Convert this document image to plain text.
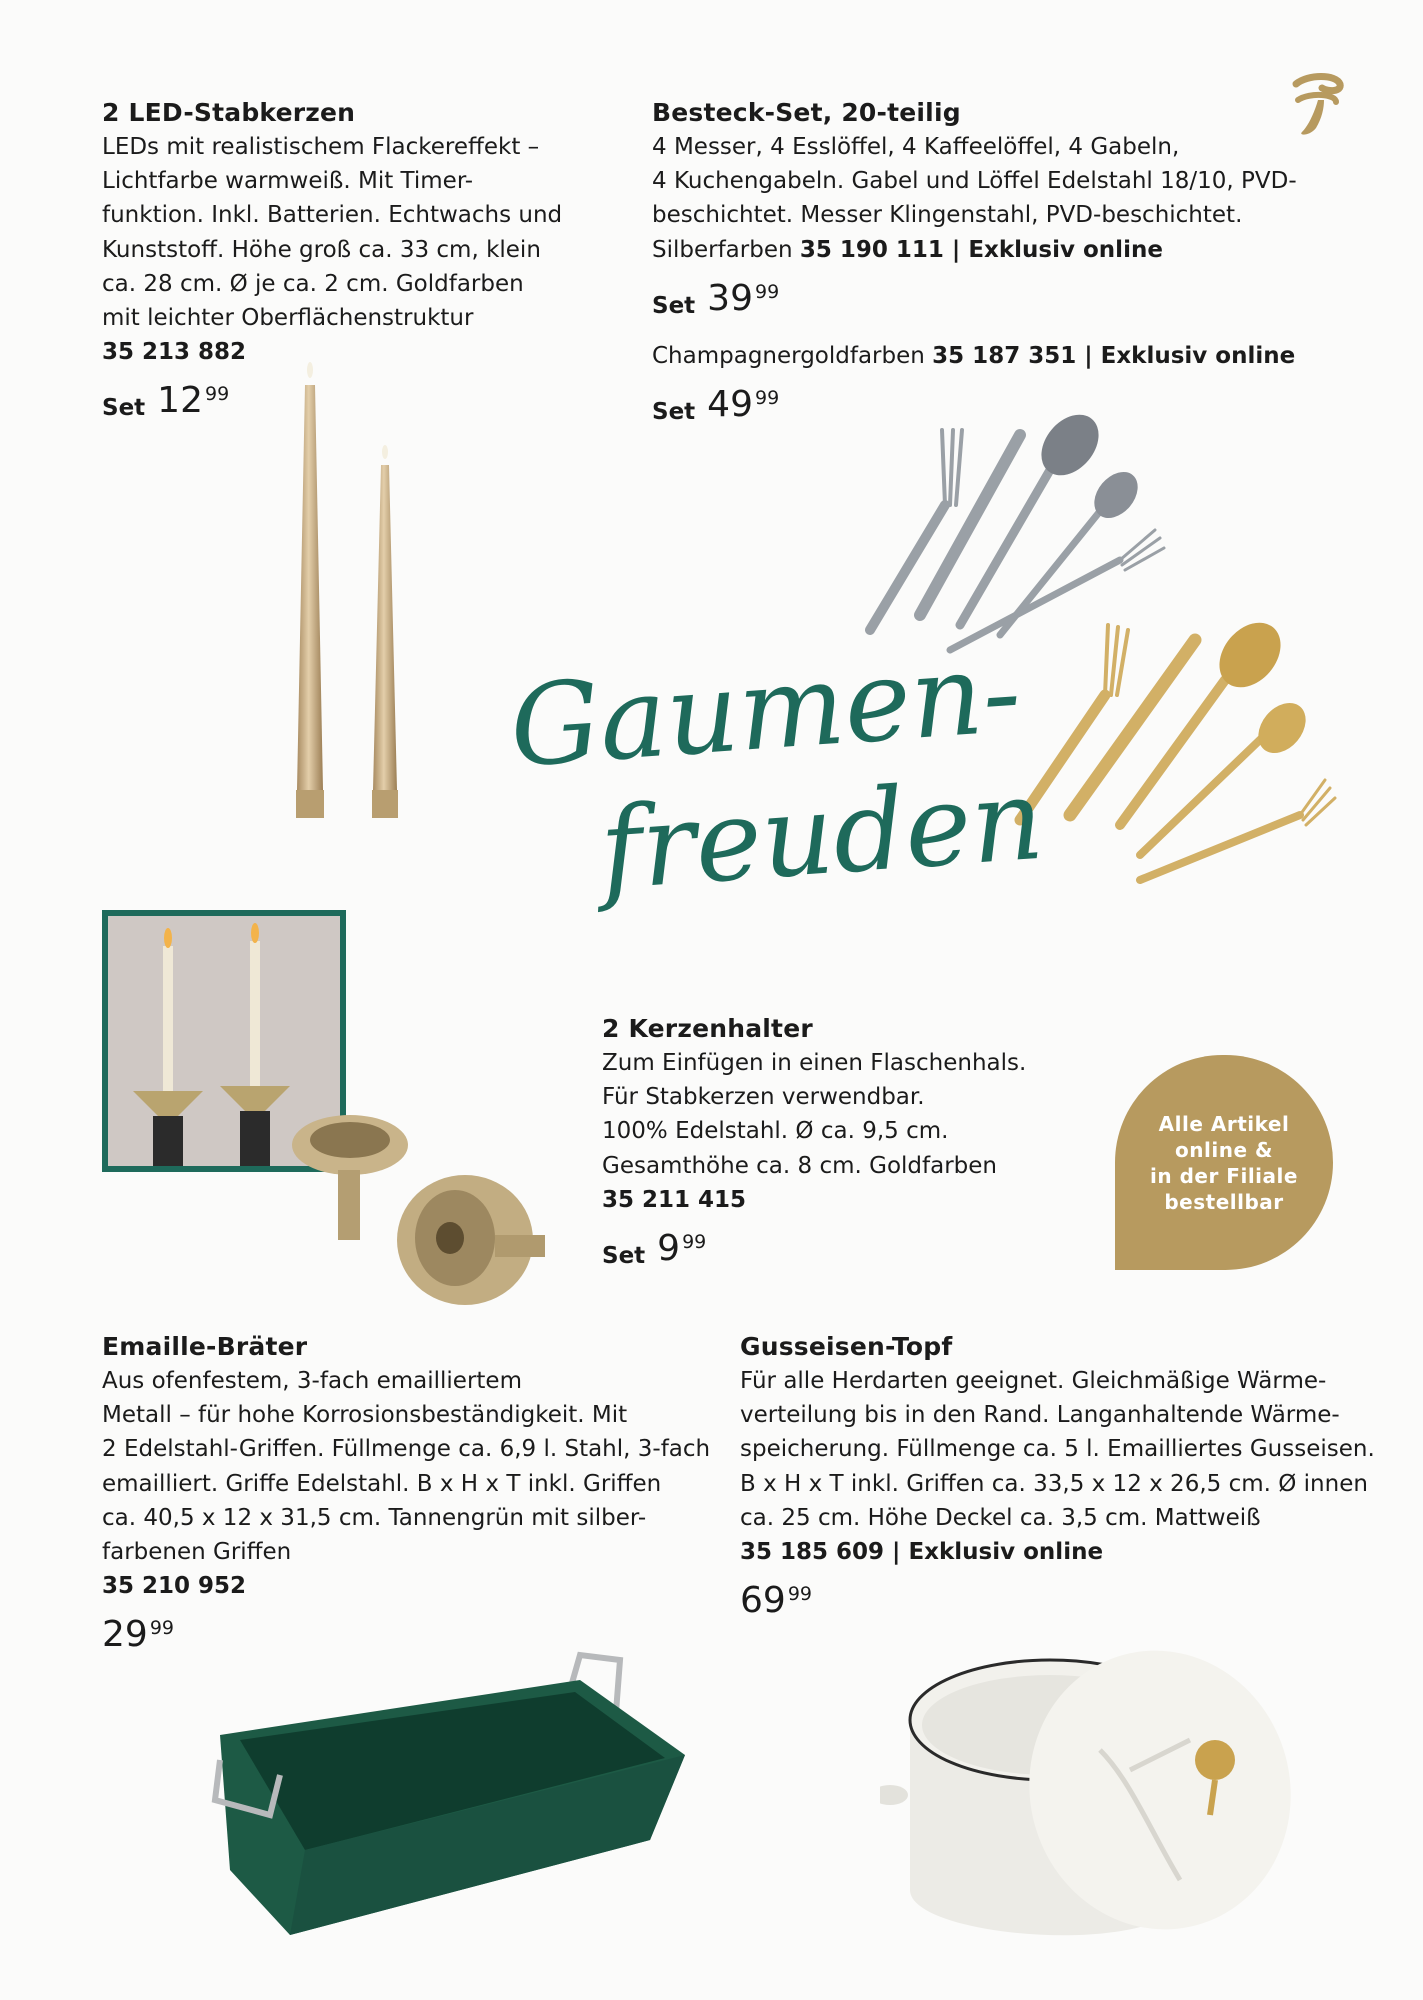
2 LED-Stabkerzen
LEDs mit realistischem Flackereffekt –
Lichtfarbe warmweiß. Mit Timer-
funktion. Inkl. Batterien. Echtwachs und
Kunststoff. Höhe groß ca. 33 cm, klein
ca. 28 cm. Ø je ca. 2 cm. Goldfarben
mit leichter Oberflächenstruktur
35 213 882
Set 12 99
Besteck-Set, 20-teilig
4 Messer, 4 Esslöffel, 4 Kaffeelöffel, 4 Gabeln,
4 Kuchengabeln. Gabel und Löffel Edelstahl 18/10, PVD-
beschichtet. Messer Klingenstahl, PVD-beschichtet.
Silberfarben 35 190 111 | Exklusiv online
Set 39 99
Champagnergoldfarben 35 187 351 | Exklusiv online
Set 49 99
Gaumen-
freuden
2 Kerzenhalter
Zum Einfügen in einen Flaschenhals.
Für Stabkerzen verwendbar.
100% Edelstahl. Ø ca. 9,5 cm.
Gesamthöhe ca. 8 cm. Goldfarben
35 211 415
Set 9 99
Alle Artikel
online &
in der Filiale
bestellbar
Emaille-Bräter
Aus ofenfestem, 3-fach emailliertem
Metall – für hohe Korrosionsbeständigkeit. Mit
2 Edelstahl-Griffen. Füllmenge ca. 6,9 l. Stahl, 3-fach
emailliert. Griffe Edelstahl. B x H x T inkl. Griffen
ca. 40,5 x 12 x 31,5 cm. Tannengrün mit silber-
farbenen Griffen
35 210 952
29 99
Gusseisen-Topf
Für alle Herdarten geeignet. Gleichmäßige Wärme-
verteilung bis in den Rand. Langanhaltende Wärme-
speicherung. Füllmenge ca. 5 l. Emailliertes Gusseisen.
B x H x T inkl. Griffen ca. 33,5 x 12 x 26,5 cm. Ø innen
ca. 25 cm. Höhe Deckel ca. 3,5 cm. Mattweiß
35 185 609 | Exklusiv online
69 99
